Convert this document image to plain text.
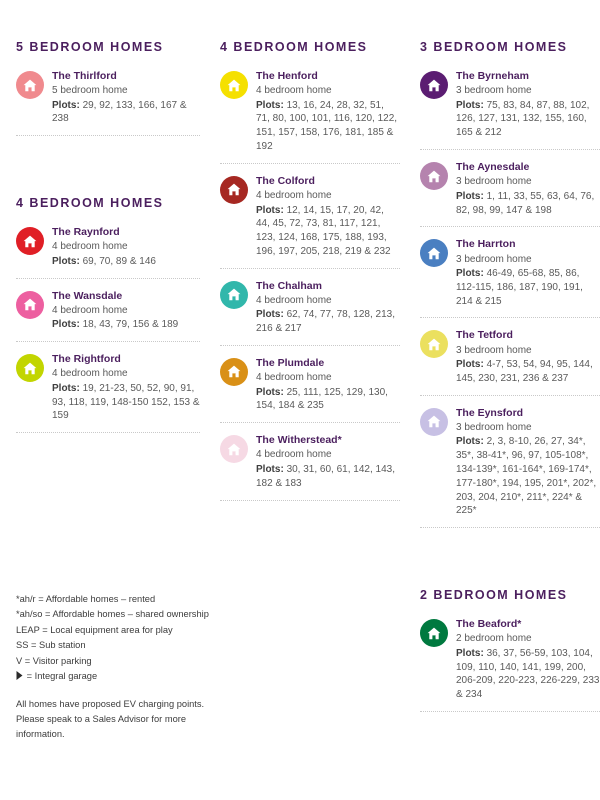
5 BEDROOM HOMES
The Thirlford
5 bedroom home
Plots: 29, 92, 133, 166, 167 & 238
4 BEDROOM HOMES
The Raynford
4 bedroom home
Plots: 69, 70, 89 & 146
The Wansdale
4 bedroom home
Plots: 18, 43, 79, 156 & 189
The Rightford
4 bedroom home
Plots: 19, 21-23, 50, 52, 90, 91, 93, 118, 119, 148-150 152, 153 & 159
4 BEDROOM HOMES
The Henford
4 bedroom home
Plots: 13, 16, 24, 28, 32, 51, 71, 80, 100, 101, 116, 120, 122, 151, 157, 158, 176, 181, 185 & 192
The Colford
4 bedroom home
Plots: 12, 14, 15, 17, 20, 42, 44, 45, 72, 73, 81, 117, 121, 123, 124, 168, 175, 188, 193, 196, 197, 205, 218, 219 & 232
The Chalham
4 bedroom home
Plots: 62, 74, 77, 78, 128, 213, 216 & 217
The Plumdale
4 bedroom home
Plots: 25, 111, 125, 129, 130, 154, 184 & 235
The Witherstead*
4 bedroom home
Plots: 30, 31, 60, 61, 142, 143, 182 & 183
3 BEDROOM HOMES
The Byrneham
3 bedroom home
Plots: 75, 83, 84, 87, 88, 102, 126, 127, 131, 132, 155, 160, 165 & 212
The Aynesdale
3 bedroom home
Plots: 1, 11, 33, 55, 63, 64, 76, 82, 98, 99, 147 & 198
The Harrton
3 bedroom home
Plots: 46-49, 65-68, 85, 86, 112-115, 186, 187, 190, 191, 214 & 215
The Tetford
3 bedroom home
Plots: 4-7, 53, 54, 94, 95, 144, 145, 230, 231, 236 & 237
The Eynsford
3 bedroom home
Plots: 2, 3, 8-10, 26, 27, 34*, 35*, 38-41*, 96, 97, 105-108*, 134-139*, 161-164*, 169-174*, 177-180*, 194, 195, 201*, 202*, 203, 204, 210*, 211*, 224* & 225*
2 BEDROOM HOMES
The Beaford*
2 bedroom home
Plots: 36, 37, 56-59, 103, 104, 109, 110, 140, 141, 199, 200, 206-209, 220-223, 226-229, 233 & 234
*ah/r = Affordable homes – rented
*ah/so = Affordable homes – shared ownership
LEAP = Local equipment area for play
SS = Sub station
V = Visitor parking
= Integral garage
All homes have proposed EV charging points. Please speak to a Sales Advisor for more information.
